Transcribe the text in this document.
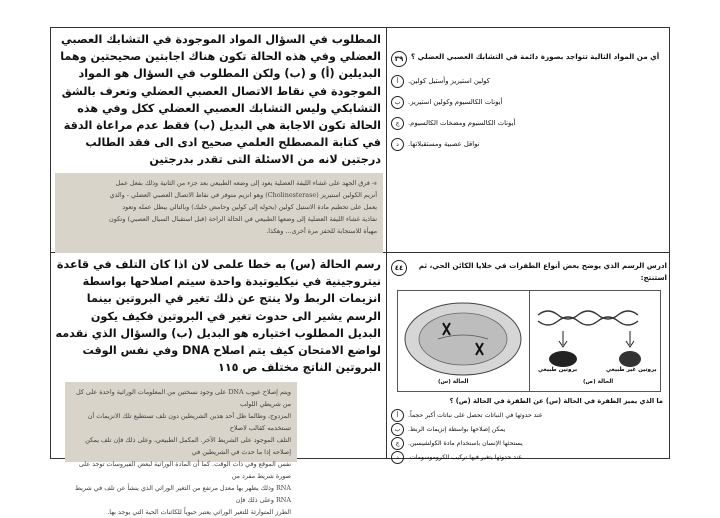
المطلوب في السؤال المواد الموجودة في التشابك العصبي العضلي وفي هذه الحالة تكون هناك اجابتين صحيحتين وهما البديلين (أ) و (ب) ولكن المطلوب في السؤال هو المواد الموجودة في نقاط الاتصال العصبي العضلي وتعرف بالشق التشابكي وليس التشابك العصبي العضلي ككل وفي هذه الحالة تكون الاجابة هي البديل (ب) فقط عدم مراعاة الدقة في كتابة المصطلح العلمي صحيح ادى الى فقد الطالب درجتين لانه من الاسئلة التى تقدر بدرجتين

ء- فرق الجهد على غشاء الليفة العضلية يعود إلى وضعه الطبيعي بعد جزء من الثانية وذلك بفعل عمل

أنزيم الكولين استيريز (Cholinesterase) وهو انزيم متوفر في نقاط الاتصال العصبي العضلي - والذي

يعمل على تحطيم مادة الاستيل كولين (يحوله إلى كولين وحامض خليك) وبالتالي يبطل عمله وتعود

نفاذية غشاء الليفة العضلية إلى وضعها الطبيعي في الحالة الراحة (قبل استقبال السيال العصبي) وتكون

مهيأة للاستجابة للحفز مرة أخرى... وهكذا.

٣٩	أي من المواد التالية تتواجد بصورة دائمة في التشابك العصبي العضلي ؟
أ	كولين استيريز وأستيل كولين.
ب	أيونات الكالسيوم وكولين استيريز.
ج	أيونات الكالسيوم ومضخات الكالسيوم.
د	نواقل عصبية ومستقبلاتها.

رسم الحالة (س) به خطا علمى لان اذا كان التلف في قاعدة نيتروجينية في نيكليوتيدة واحدة سيتم اصلاحها بواسطة انزيمات الربط ولا ينتج عن ذلك تغير في البروتين بينما الرسم يشير الى حدوث تغير في البروتين فكيف يكون البديل المطلوب اختياره هو البديل (ب) والسؤال الذي نقدمه لواضع الامتحان كيف يتم اصلاح DNA وفي نفس الوقت البروتين الناتج مختلف ص ١١٥

ويتم إصلاح عيوب DNA على وجود نسختين من المعلومات الوراثية واحدة على كل من شريطي اللولب

المزدوج، وطالما ظل أحد هذين الشريطين دون تلف تستطيع تلك الانزيمات أن تستخدمه كقالب لاصلاح

التلف الموجود على الشريط الآخر. المكمل الطبيعي، وعلى ذلك فإن تلف يمكن إصلاحه إذا ما حدث في الشريطين في

نفس الموقع وفي ذات الوقت. كما أن المادة الوراثية لبعض الفيروسات توجد على صورة شريط مفرد من

RNA وذلك يظهر بها معدل مرتفع من التغير الوراثي الذي ينشأ عن تلف في شريط RNA وعلى ذلك فإن

الطرز المتوارثة للتغير الوراثي يعتبر حيوياً للكائنات الحية التي يوجد بها.

٤٤	ادرس الرسم الذي يوضح بعض أنواع الطفرات في خلايا الكائن الحي، ثم استنتج:
الحالة (س)	الحالة (ص)
بروتين طبيعي	بروتين غير طبيعي
ما الذي يميز الطفرة في الحالة (س) عن الطفرة في الحالة (ص) ؟
أ	عند حدوثها في النباتات تحصل على نباتات أكبر حجماً.
ب	يمكن إصلاحها بواسطة إنزيمات الربط.
ج	يستحثها الإنسان باستخدام مادة الكولشيسين.
د	عند حدوثها يتغير فيها تركيب الكروموسومات.
